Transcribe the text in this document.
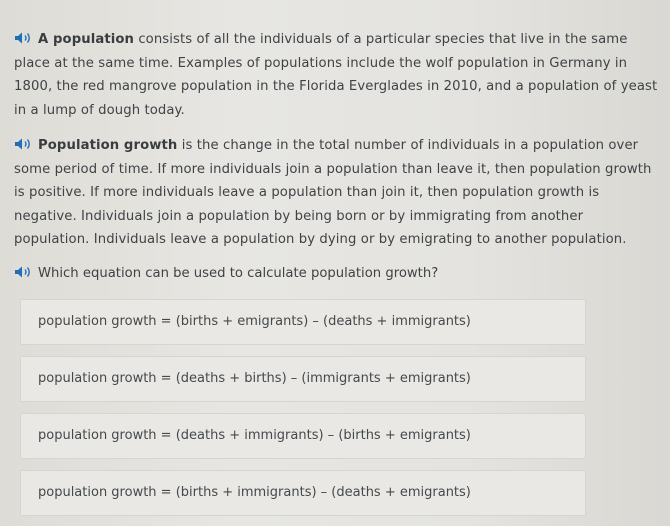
A population consists of all the individuals of a particular species that live in the same place at the same time. Examples of populations include the wolf population in Germany in 1800, the red mangrove population in the Florida Everglades in 2010, and a population of yeast in a lump of dough today.
Population growth is the change in the total number of individuals in a population over some period of time. If more individuals join a population than leave it, then population growth is positive. If more individuals leave a population than join it, then population growth is negative. Individuals join a population by being born or by immigrating from another population. Individuals leave a population by dying or by emigrating to another population.
Which equation can be used to calculate population growth?
population growth = (births + emigrants) – (deaths + immigrants)
population growth = (deaths + births) – (immigrants + emigrants)
population growth = (deaths + immigrants) – (births + emigrants)
population growth = (births + immigrants) – (deaths + emigrants)
